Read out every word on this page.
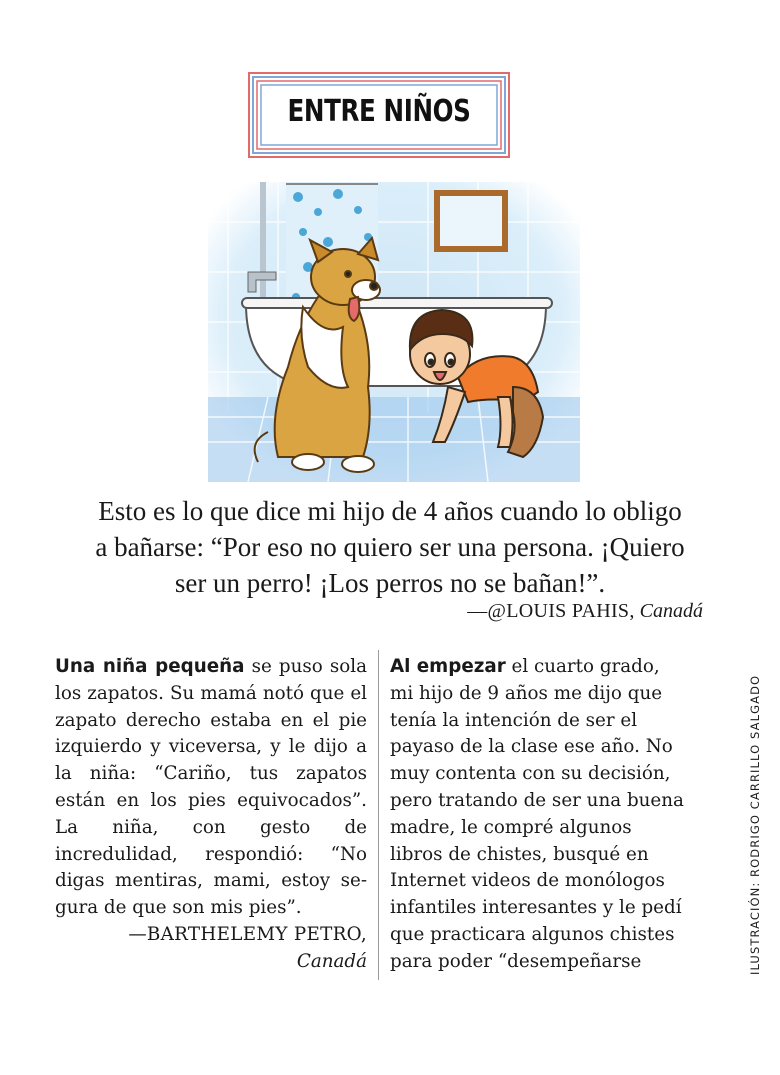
ENTRE NIÑOS
Esto es lo que dice mi hijo de 4 años cuando lo obligo
a bañarse: “Por eso no quiero ser una persona. ¡Quiero
ser un perro! ¡Los perros no se bañan!”.
—@LOUIS PAHIS, Canadá

Una niña pequeña se puso sola los zapatos. Su mamá notó que el zapato derecho estaba en el pie izquierdo y viceversa, y le dijo a la niña: “Cariño, tus zapatos están en los pies equivocados”. La niña, con gesto de incredulidad, respondió: “No digas mentiras, mami, estoy segura de que son mis pies”.

—BARTHELEMY PETRO,
Canadá
Al empezar el cuarto grado,
mi hijo de 9 años me dijo que
tenía la intención de ser el
payaso de la clase ese año. No
muy contenta con su decisión,
pero tratando de ser una buena
madre, le compré algunos
libros de chistes, busqué en
Internet videos de monólogos
infantiles interesantes y le pedí
que practicara algunos chistes
para poder “desempeñarse	ILUSTRACIÓN: RODRIGO CARRILLO SALGADO
